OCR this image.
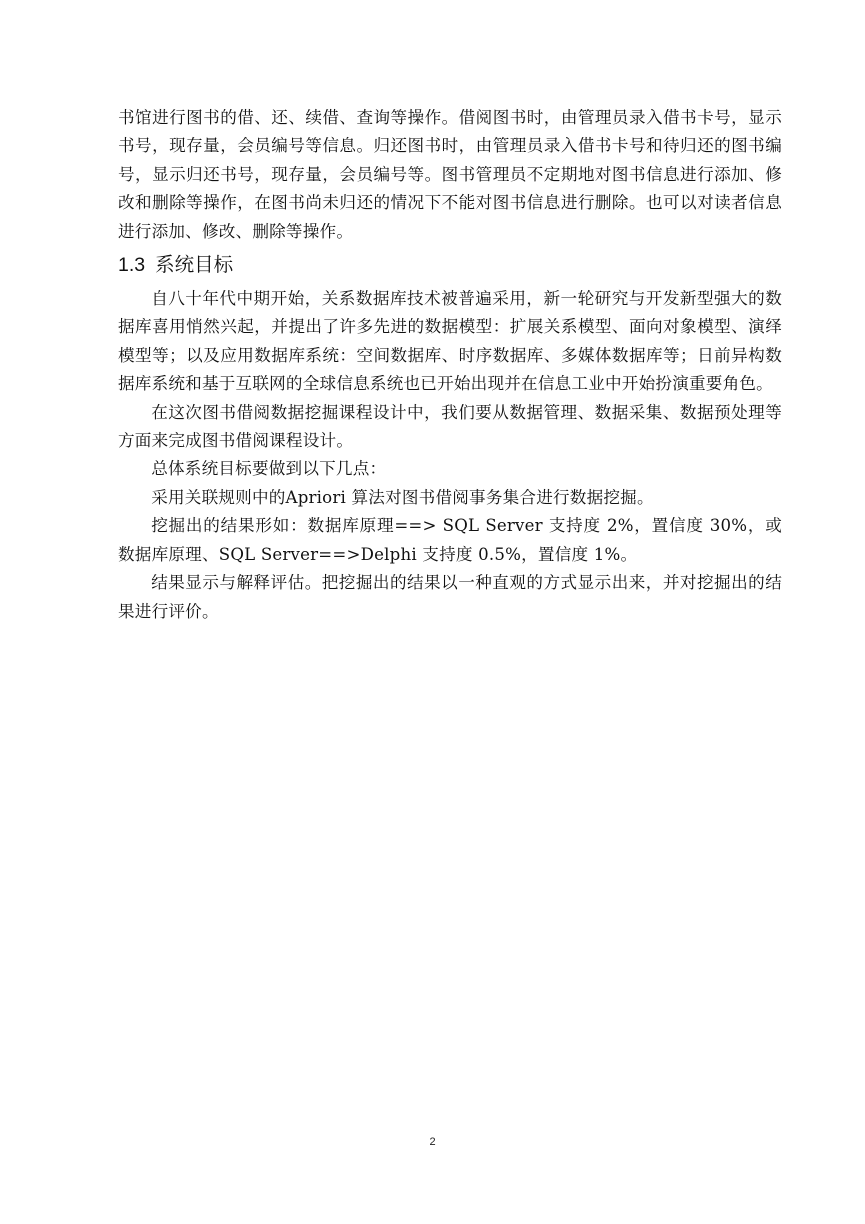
书馆进行图书的借、还、续借、查询等操作。借阅图书时，由管理员录入借书卡号，显示书号，现存量，会员编号等信息。归还图书时，由管理员录入借书卡号和待归还的图书编号，显示归还书号，现存量，会员编号等。图书管理员不定期地对图书信息进行添加、修改和删除等操作，在图书尚未归还的情况下不能对图书信息进行删除。也可以对读者信息进行添加、修改、删除等操作。

1.3 系统目标

自八十年代中期开始，关系数据库技术被普遍采用，新一轮研究与开发新型强大的数据库喜用悄然兴起，并提出了许多先进的数据模型：扩展关系模型、面向对象模型、演绎模型等；以及应用数据库系统：空间数据库、时序数据库、多媒体数据库等；日前异构数据库系统和基于互联网的全球信息系统也已开始出现并在信息工业中开始扮演重要角色。

在这次图书借阅数据挖掘课程设计中，我们要从数据管理、数据采集、数据预处理等方面来完成图书借阅课程设计。

总体系统目标要做到以下几点：

采用关联规则中的Apriori 算法对图书借阅事务集合进行数据挖掘。

挖掘出的结果形如：数据库原理==> SQL Server 支持度 2%，置信度 30%，或数据库原理、SQL Server==>Delphi 支持度 0.5%，置信度 1%。

结果显示与解释评估。把挖掘出的结果以一种直观的方式显示出来，并对挖掘出的结果进行评价。

2
